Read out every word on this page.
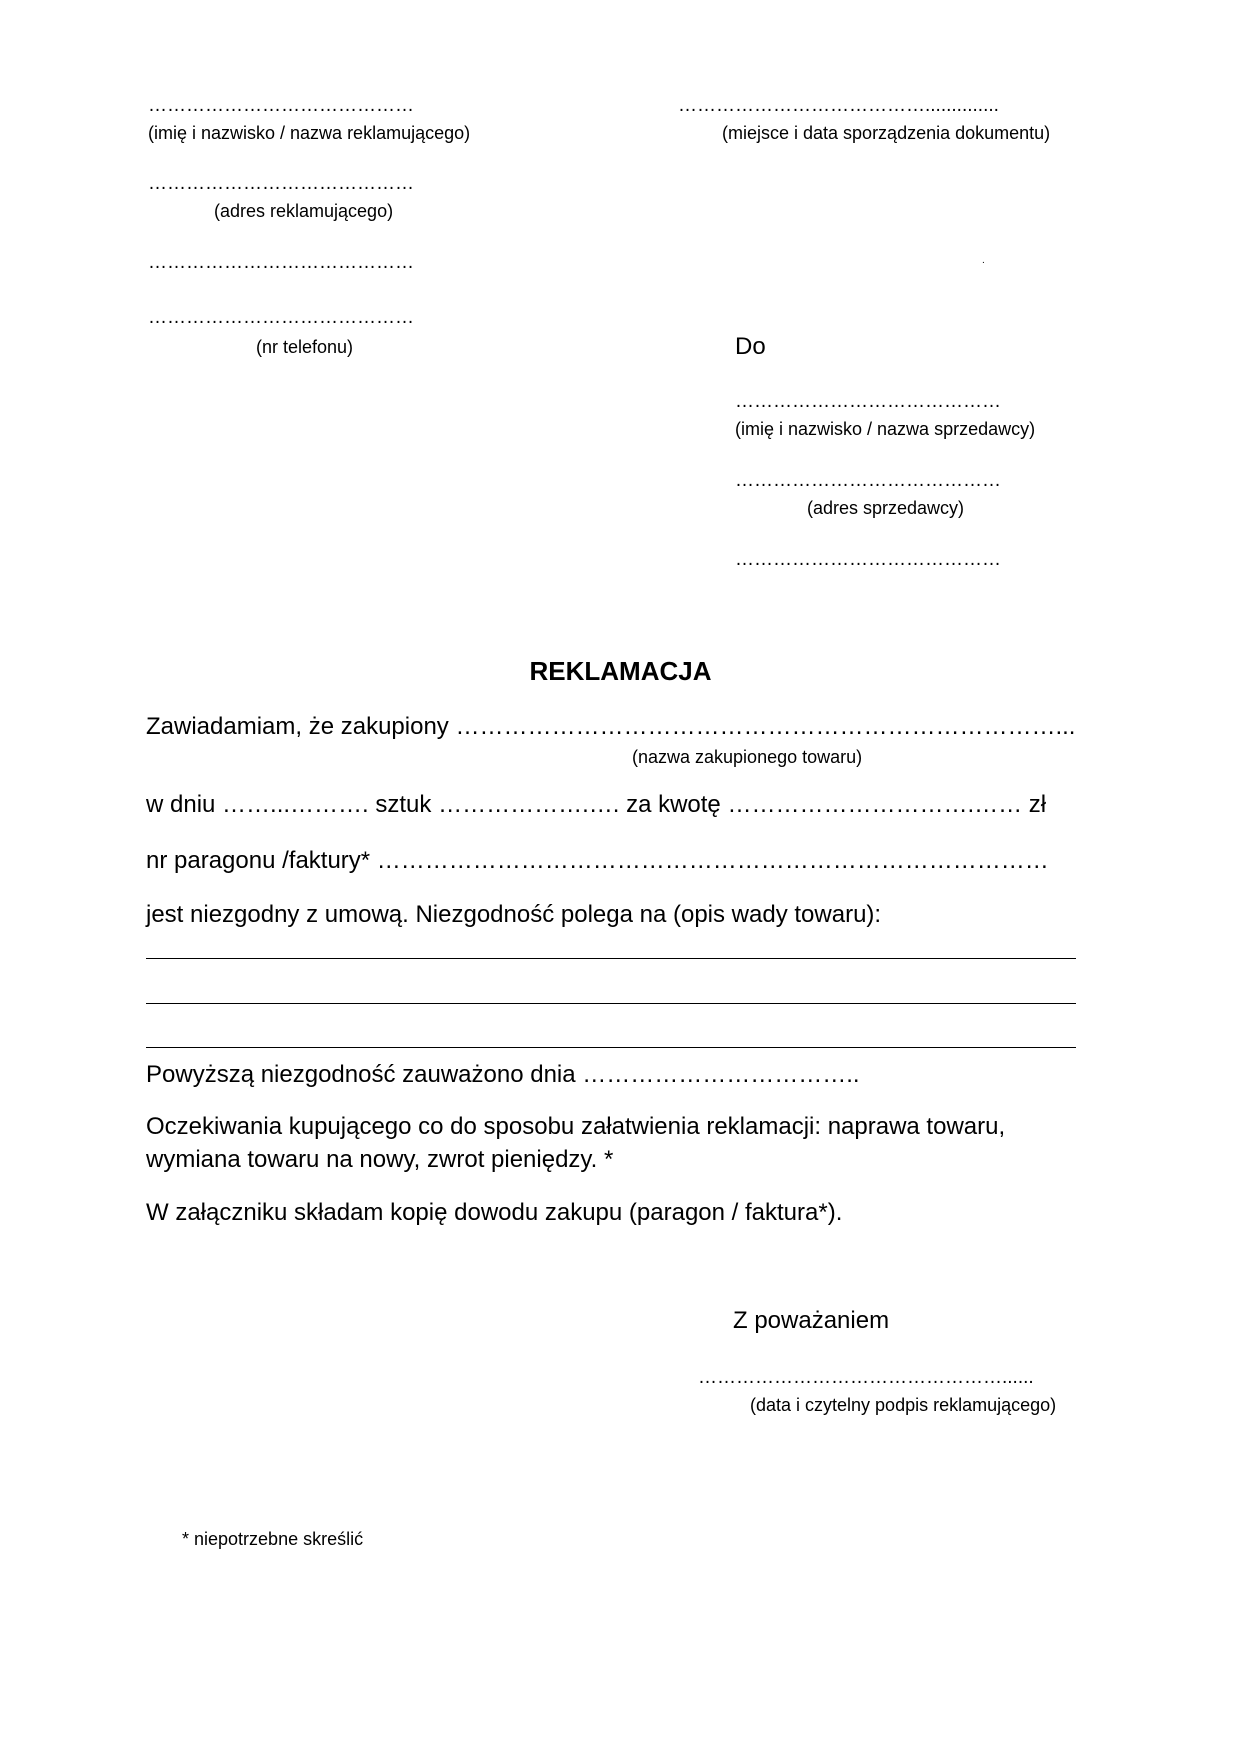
……………………………………
(imię i nazwisko / nazwa reklamującego)
……………………………………
(adres reklamującego)
……………………………………
……………………………………
(nr telefonu)
…………………………………..............
(miejsce i data sporządzenia dokumentu)
.
Do
……………………………………
(imię i nazwisko / nazwa sprzedawcy)
……………………………………
(adres sprzedawcy)
……………………………………
REKLAMACJA
Zawiadamiam, że zakupiony …………………………………………………………………...
(nazwa zakupionego towaru)
w dniu ……...………. sztuk ……………….…. za kwotę ………………………….…… zł
nr paragonu /faktury* …………………………………………………………………………
jest niezgodny z umową. Niezgodność polega na (opis wady towaru):
Powyższą niezgodność zauważono dnia ……………………………..
Oczekiwania kupującego co do sposobu załatwienia reklamacji: naprawa towaru,
wymiana towaru na nowy, zwrot pieniędzy. *
W załączniku składam kopię dowodu zakupu (paragon / faktura*).
Z poważaniem
…………………………………………......
(data i czytelny podpis reklamującego)
* niepotrzebne skreślić
